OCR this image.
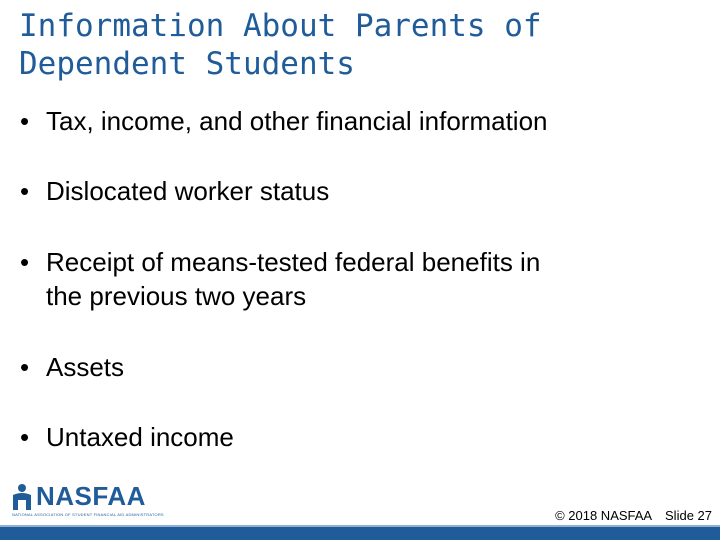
Information About Parents of
Dependent Students
• Tax, income, and other financial information
• Dislocated worker status
• Receipt of means-tested federal benefits in
the previous two years
• Assets
• Untaxed income
NASFAA
NATIONAL ASSOCIATION OF STUDENT FINANCIAL AID ADMINISTRATORS	© 2018 NASFAA Slide 27
